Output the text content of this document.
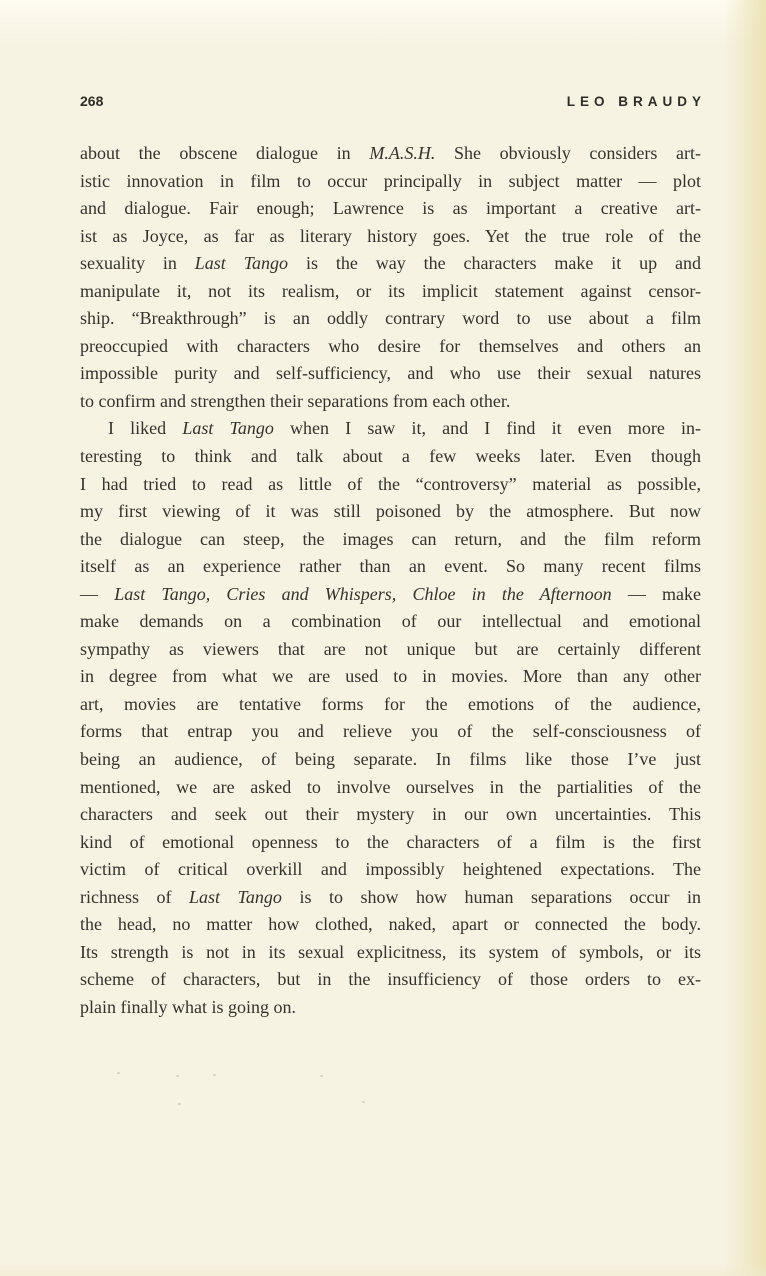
268	LEO BRAUDY
about the obscene dialogue in M.A.S.H. She obviously considers art-
istic innovation in film to occur principally in subject matter — plot
and dialogue. Fair enough; Lawrence is as important a creative art-
ist as Joyce, as far as literary history goes. Yet the true role of the
sexuality in Last Tango is the way the characters make it up and
manipulate it, not its realism, or its implicit statement against censor-
ship. “Breakthrough” is an oddly contrary word to use about a film
preoccupied with characters who desire for themselves and others an
impossible purity and self-sufficiency, and who use their sexual natures
to confirm and strengthen their separations from each other.
I liked Last Tango when I saw it, and I find it even more in-
teresting to think and talk about a few weeks later. Even though
I had tried to read as little of the “controversy” material as possible,
my first viewing of it was still poisoned by the atmosphere. But now
the dialogue can steep, the images can return, and the film reform
itself as an experience rather than an event. So many recent films
— Last Tango, Cries and Whispers, Chloe in the Afternoon — make
make demands on a combination of our intellectual and emotional
sympathy as viewers that are not unique but are certainly different
in degree from what we are used to in movies. More than any other
art, movies are tentative forms for the emotions of the audience,
forms that entrap you and relieve you of the self-consciousness of
being an audience, of being separate. In films like those I’ve just
mentioned, we are asked to involve ourselves in the partialities of the
characters and seek out their mystery in our own uncertainties. This
kind of emotional openness to the characters of a film is the first
victim of critical overkill and impossibly heightened expectations. The
richness of Last Tango is to show how human separations occur in
the head, no matter how clothed, naked, apart or connected the body.
Its strength is not in its sexual explicitness, its system of symbols, or its
scheme of characters, but in the insufficiency of those orders to ex-
plain finally what is going on.
